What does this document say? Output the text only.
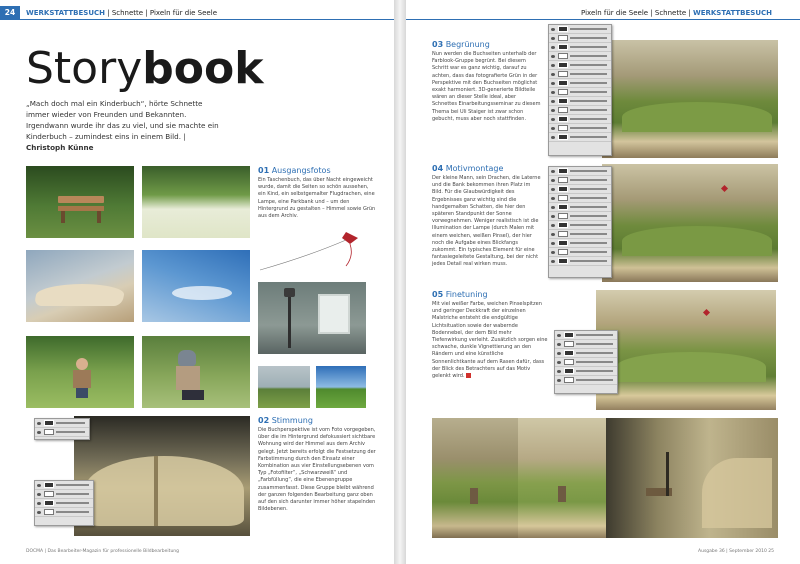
24	WERKSTATTBESUCH | Schnette | Pixeln für die Seele
Storybook

„Mach doch mal ein Kinderbuch“, hörte Schnette immer wieder von Freunden und Bekannten. Irgendwann wurde ihr das zu viel, und sie machte ein Kinderbuch – zumindest eins in einem Bild. | Christoph Künne

01 Ausgangsfotos

Ein Taschenbuch, das über Nacht eingeweicht wurde, damit die Seiten so schön aussehen, ein Kind, ein selbstgemalter Flugdrachen, eine Lampe, eine Parkbank und – um den Hintergrund zu gestalten – Himmel sowie Grün aus dem Archiv.

02 Stimmung

Die Buchperspektive ist vom Foto vorgegeben, über die im Hintergrund defokussiert sichtbare Wohnung wird der Himmel aus dem Archiv gelegt. Jetzt bereits erfolgt die Festsetzung der Farbstimmung durch den Einsatz einer Kombination aus vier Einstellungsebenen vom Typ „Fotofilter“, „Schwarzweiß“ und „Farbfüllung“, die eine Ebenengruppe zusammenfasst. Diese Gruppe bleibt während der ganzen folgenden Bearbeitung ganz oben auf den sich darunter immer höher stapelnden Bildebenen.

DOCMA | Das Bearbeiter-Magazin für professionelle Bildbearbeitung
Pixeln für die Seele | Schnette | WERKSTATTBESUCH
03 Begrünung

Nun werden die Buchseiten unterhalb der Farblook-Gruppe begrünt. Bei diesem Schritt war es ganz wichtig, darauf zu achten, dass das fotografierte Grün in der Perspektive mit den Buchseiten möglichst exakt harmoniert. 3D-generierte Bildteile wären an dieser Stelle ideal, aber Schnettes Einarbeitungsseminar zu diesem Thema bei Uli Staiger ist zwar schon gebucht, muss aber noch stattfinden.

04 Motivmontage

Der kleine Mann, sein Drachen, die Laterne und die Bank bekommen ihren Platz im Bild. Für die Glaubwürdigkeit des Ergebnisses ganz wichtig sind die handgemalten Schatten, die hier den späteren Standpunkt der Sonne vorwegnehmen. Weniger realistisch ist die Illumination der Lampe (durch Malen mit einem weichen, weißen Pinsel), der hier noch die Aufgabe eines Blickfangs zukommt. Ein typisches Element für eine fantasiegeleitete Gestaltung, bei der nicht jedes Detail real wirken muss.

05 Finetuning

Mit viel weißer Farbe, weichen Pinselspitzen und geringer Deckkraft der einzelnen Malstriche entsteht die endgültige Lichtsituation sowie der wabernde Bodennebel, der dem Bild mehr Tiefenwirkung verleiht. Zusätzlich sorgen eine schwache, dunkle Vignettierung an den Rändern und eine künstliche Sonnenlichtkante auf dem Rasen dafür, dass der Blick des Betrachters auf das Motiv gelenkt wird.

Ausgabe 36 | September 2010 25
